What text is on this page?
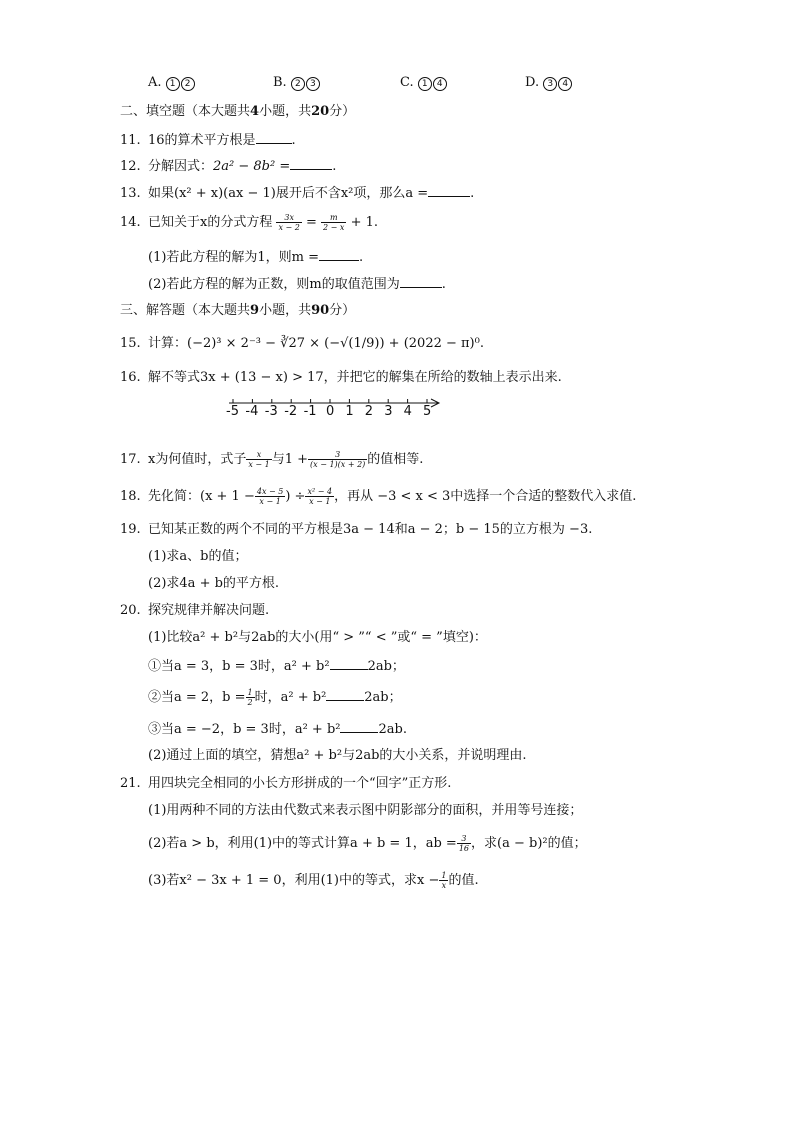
A. 1 2	B. 2 3	C. 1 4	D. 3 4
二、填空题（本大题共4小题，共20分）
11. 16的算术平方根是	.
12. 分解因式：2a² − 8b² =	.
13. 如果(x² + x)(ax − 1)展开后不含x²项，那么a =	.
14. 已知关于x的分式方程 $\frac{3x}{x - 2} = \frac{m}{2 - x} + 1$.
(1)若此方程的解为1，则m =	.
(2)若此方程的解为正数，则m的取值范围为	.
三、解答题（本大题共9小题，共90分）
15. 计算：(−2)³ × 2⁻³ − ∛27 × (−√(1/9)) + (2022 − π)⁰.
16. 解不等式3x + (13 − x) > 17，并把它的解集在所给的数轴上表示出来.
-5 -4 -3 -2 -1 0 1 2 3 4 5
17. x为何值时，式子 $\frac{x}{x - 1}$ 与$1 + \frac{3}{(x - 1)(x + 2)}$ 的值相等.
18. 先化简：($x + 1 - \frac{4x - 5}{x - 1}$ ) ÷ $\frac{\text{x² − 4}}{x - 1}$ ，再从 −3 < x < 3中选择一个合适的整数代入求值.
19. 已知某正数的两个不同的平方根是3a − 14和a − 2；b − 15的立方根为 −3.
(1)求a、b的值；
(2)求4a + b的平方根.
20. 探究规律并解决问题.
(1)比较a² + b²与2ab的大小(用“ > ”“ < ”或“ = ”填空)：
①当a = 3，b = 3时，a² + b²	2ab；
②当a = 2，$b = \frac{1}{2}$ 时，a² + b²	2ab；
③当a = −2，b = 3时，a² + b²	2ab.
(2)通过上面的填空，猜想a² + b²与2ab的大小关系，并说明理由.
21. 用四块完全相同的小长方形拼成的一个“回字”正方形.
(1)用两种不同的方法由代数式来表示图中阴影部分的面积，并用等号连接；
(2)若a > b，利用(1)中的等式计算a + b = 1，ab = $\frac{3}{16}$ ，求(a − b)²的值；
(3)若x² − 3x + 1 = 0，利用(1)中的等式，求$x - \frac{1}{x}$ 的值.
